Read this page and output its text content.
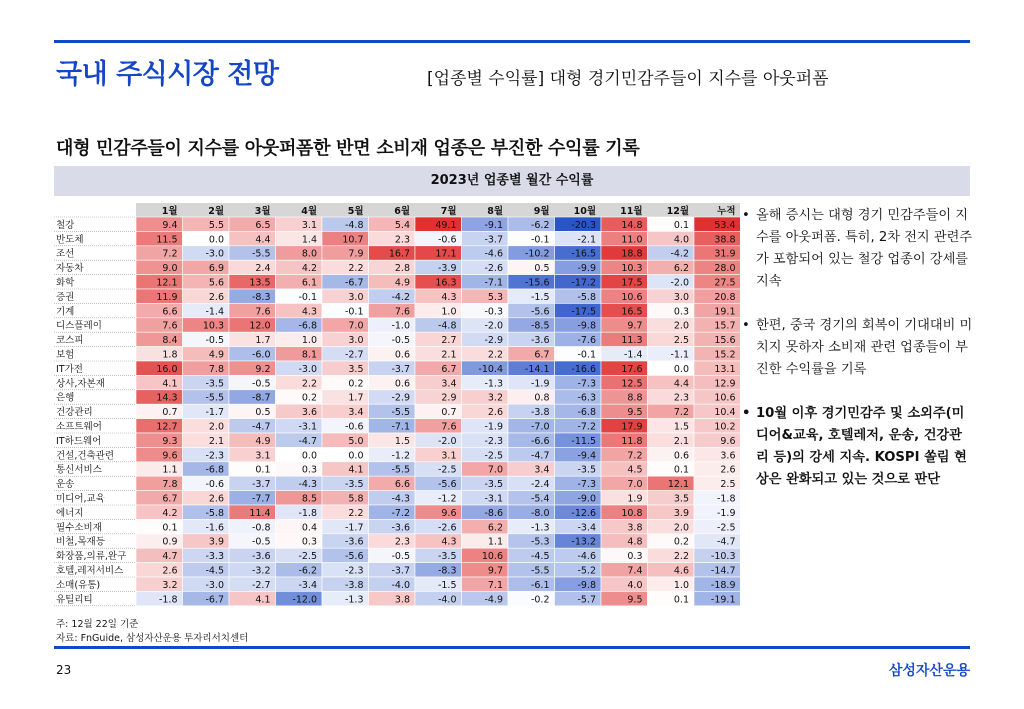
국내 주식시장 전망	[업종별 수익률] 대형 경기민감주들이 지수를 아웃퍼폼
대형 민감주들이 지수를 아웃퍼폼한 반면 소비재 업종은 부진한 수익률 기록
2023년 업종별 월간 수익률
1월	2월	3월	4월	5월	6월	7월	8월	9월	10월	11월	12월	누적
철강	9.4	5.5	6.5	3.1	-4.8	5.4	49.1	-9.1	-6.2 -20.3	14.8	0.1	53.4
반도체	11.5	0.0	4.4	1.4	10.7	2.3	-0.6	-3.7	-0.1	-2.1	11.0	4.0	38.8
조선	7.2	-3.0	-5.5	8.0	7.9	16.7	17.1	-4.6 -10.2 -16.5	18.8	-4.2	31.9
자동차	9.0	6.9	2.4	4.2	2.2	2.8	-3.9	-2.6	0.5	-9.9	10.3	6.2	28.0
화학	12.1	5.6	13.5	6.1	-6.7	4.9	16.3	-7.1 -15.6 -17.2	17.5	-2.0	27.5
증권	11.9	2.6	-8.3	-0.1	3.0	-4.2	4.3	5.3	-1.5	-5.8	10.6	3.0	20.8
기계	6.6	-1.4	7.6	4.3	-0.1	7.6	1.0	-0.3	-5.6 -17.5	16.5	0.3	19.1
디스플레이	7.6	10.3	12.0	-6.8	7.0	-1.0	-4.8	-2.0	-8.5	-9.8	9.7	2.0	15.7
코스피	8.4	-0.5	1.7	1.0	3.0	-0.5	2.7	-2.9	-3.6	-7.6	11.3	2.5	15.6
보험	1.8	4.9	-6.0	8.1	-2.7	0.6	2.1	2.2	6.7	-0.1	-1.4	-1.1	15.2
IT가전	16.0	7.8	9.2	-3.0	3.5	-3.7	6.7 -10.4 -14.1 -16.6	17.6	0.0	13.1
상사,자본재	4.1	-3.5	-0.5	2.2	0.2	0.6	3.4	-1.3	-1.9	-7.3	12.5	4.4	12.9
은행	14.3	-5.5	-8.7	0.2	1.7	-2.9	2.9	3.2	0.8	-6.3	8.8	2.3	10.6
건강관리	0.7	-1.7	0.5	3.6	3.4	-5.5	0.7	2.6	-3.8	-6.8	9.5	7.2	10.4
소프트웨어	12.7	2.0	-4.7	-3.1	-0.6	-7.1	7.6	-1.9	-7.0	-7.2	17.9	1.5	10.2
IT하드웨어	9.3	2.1	4.9	-4.7	5.0	1.5	-2.0	-2.3	-6.6 -11.5	11.8	2.1	9.6
건설,건축관련	9.6	-2.3	3.1	0.0	0.0	-1.2	3.1	-2.5	-4.7	-9.4	7.2	0.6	3.6
통신서비스	1.1	-6.8	0.1	0.3	4.1	-5.5	-2.5	7.0	3.4	-3.5	4.5	0.1	2.6
운송	7.8	-0.6	-3.7	-4.3	-3.5	6.6	-5.6	-3.5	-2.4	-7.3	7.0	12.1	2.5
미디어,교육	6.7	2.6	-7.7	8.5	5.8	-4.3	-1.2	-3.1	-5.4	-9.0	1.9	3.5	-1.8
에너지	4.2	-5.8	11.4	-1.8	2.2	-7.2	9.6	-8.6	-8.0 -12.6	10.8	3.9	-1.9
필수소비재	0.1	-1.6	-0.8	0.4	-1.7	-3.6	-2.6	6.2	-1.3	-3.4	3.8	2.0	-2.5
비철,목재등	0.9	3.9	-0.5	0.3	-3.6	2.3	4.3	1.1	-5.3 -13.2	4.8	0.2	-4.7
화장품,의류,완구	4.7	-3.3	-3.6	-2.5	-5.6	-0.5	-3.5	10.6	-4.5	-4.6	0.3	2.2 -10.3
호텔,레저서비스	2.6	-4.5	-3.2	-6.2	-2.3	-3.7	-8.3	9.7	-5.5	-5.2	7.4	4.6 -14.7
소매(유통)	3.2	-3.0	-2.7	-3.4	-3.8	-4.0	-1.5	7.1	-6.1	-9.8	4.0	1.0 -18.9
유틸리티	-1.8	-6.7	4.1 -12.0	-1.3	3.8	-4.0	-4.9	-0.2	-5.7	9.5	0.1 -19.1
• 올해 증시는 대형 경기 민감주들이 지수를 아웃퍼폼. 특히, 2차 전지 관련주가 포함되어 있는 철강 업종이 강세를 지속
• 한편, 중국 경기의 회복이 기대대비 미치지 못하자 소비재 관련 업종들이 부진한 수익률을 기록
• 10월 이후 경기민감주 및 소외주(미디어&교육, 호텔레저, 운송, 건강관리 등)의 강세 지속. KOSPI 쏠림 현상은 완화되고 있는 것으로 판단
주: 12월 22일 기준
자료: FnGuide, 삼성자산운용 투자리서치센터
23	삼성자산운용
